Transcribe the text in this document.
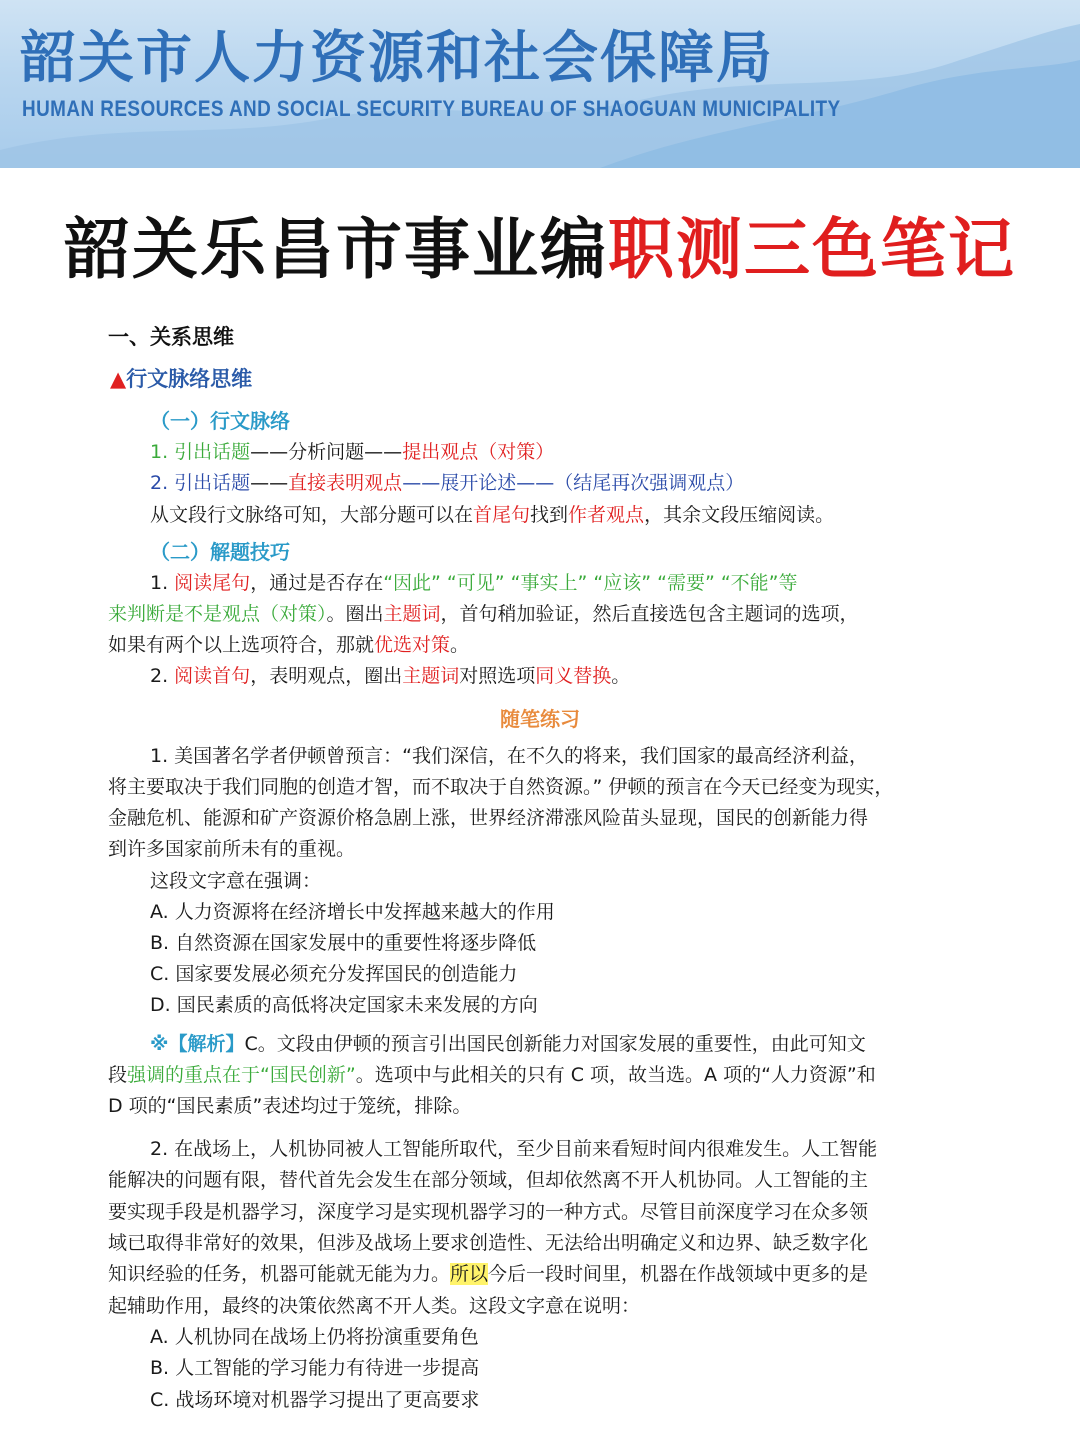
韶关市人力资源和社会保障局
HUMAN RESOURCES AND SOCIAL SECURITY BUREAU OF SHAOGUAN MUNICIPALITY
韶关乐昌市事业编职测三色笔记
一、关系思维
▲行文脉络思维
（一）行文脉络
1. 引出话题——分析问题——提出观点（对策）
2. 引出话题——直接表明观点——展开论述——（结尾再次强调观点）
从文段行文脉络可知，大部分题可以在首尾句找到作者观点，其余文段压缩阅读。
（二）解题技巧
1. 阅读尾句，通过是否存在“因此” “可见” “事实上” “应该” “需要” “不能”等
来判断是不是观点（对策）。圈出主题词，首句稍加验证，然后直接选包含主题词的选项，
如果有两个以上选项符合，那就优选对策。
2. 阅读首句，表明观点，圈出主题词对照选项同义替换。
随笔练习
1. 美国著名学者伊顿曾预言：“我们深信，在不久的将来，我们国家的最高经济利益，
将主要取决于我们同胞的创造才智，而不取决于自然资源。” 伊顿的预言在今天已经变为现实，
金融危机、能源和矿产资源价格急剧上涨，世界经济滞涨风险苗头显现，国民的创新能力得
到许多国家前所未有的重视。
这段文字意在强调：
A. 人力资源将在经济增长中发挥越来越大的作用
B. 自然资源在国家发展中的重要性将逐步降低
C. 国家要发展必须充分发挥国民的创造能力
D. 国民素质的高低将决定国家未来发展的方向
※【解析】C。文段由伊顿的预言引出国民创新能力对国家发展的重要性，由此可知文
段强调的重点在于“国民创新”。选项中与此相关的只有 C 项，故当选。A 项的“人力资源”和
D 项的“国民素质”表述均过于笼统，排除。
2. 在战场上，人机协同被人工智能所取代，至少目前来看短时间内很难发生。人工智能
能解决的问题有限，替代首先会发生在部分领域，但却依然离不开人机协同。人工智能的主
要实现手段是机器学习，深度学习是实现机器学习的一种方式。尽管目前深度学习在众多领
域已取得非常好的效果，但涉及战场上要求创造性、无法给出明确定义和边界、缺乏数字化
知识经验的任务，机器可能就无能为力。所以今后一段时间里，机器在作战领域中更多的是
起辅助作用，最终的决策依然离不开人类。这段文字意在说明：
A. 人机协同在战场上仍将扮演重要角色
B. 人工智能的学习能力有待进一步提高
C. 战场环境对机器学习提出了更高要求
